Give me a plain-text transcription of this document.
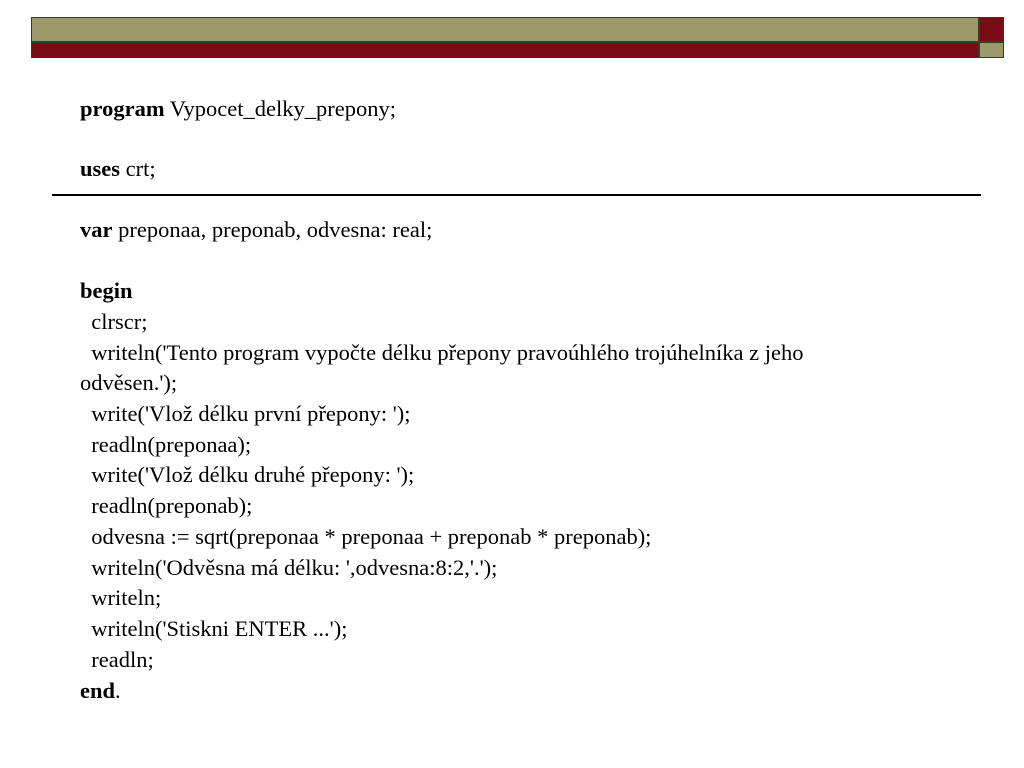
program Vypocet_delky_prepony;
uses crt;
var preponaa, preponab, odvesna: real;
begin
clrscr;
writeln('Tento program vypočte délku přepony pravoúhlého trojúhelníka z jeho
odvěsen.');
write('Vlož délku první přepony: ');
readln(preponaa);
write('Vlož délku druhé přepony: ');
readln(preponab);
odvesna := sqrt(preponaa * preponaa + preponab * preponab);
writeln('Odvěsna má délku: ',odvesna:8:2,'.');
writeln;
writeln('Stiskni ENTER ...');
readln;
end.
